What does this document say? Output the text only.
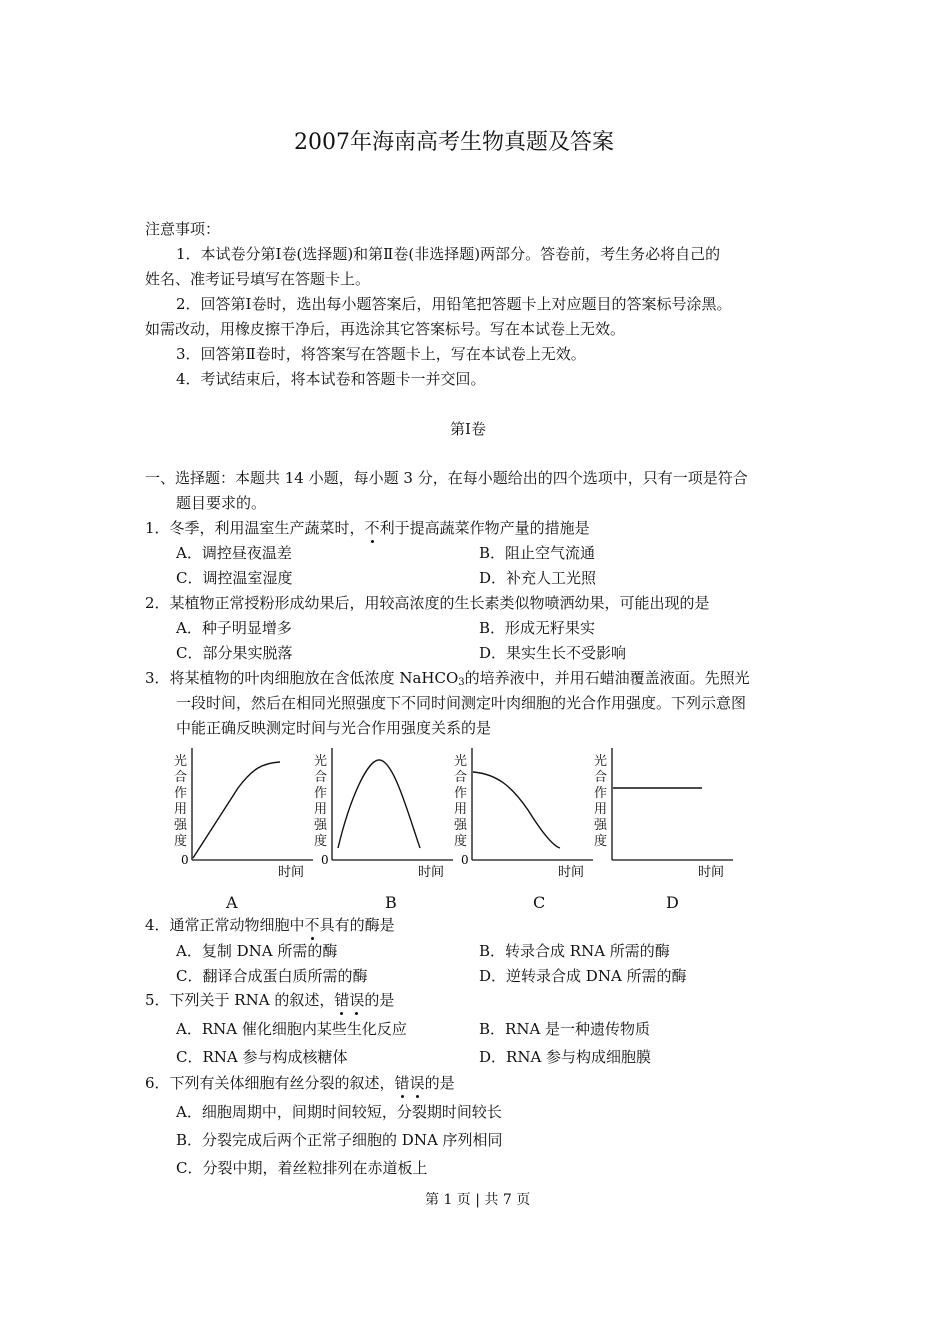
2007年海南高考生物真题及答案
注意事项：
1．本试卷分第Ⅰ卷(选择题)和第Ⅱ卷(非选择题)两部分。答卷前，考生务必将自己的
姓名、准考证号填写在答题卡上。
2．回答第Ⅰ卷时，选出每小题答案后，用铅笔把答题卡上对应题目的答案标号涂黑。
如需改动，用橡皮擦干净后，再选涂其它答案标号。写在本试卷上无效。
3．回答第Ⅱ卷时，将答案写在答题卡上，写在本试卷上无效。
4．考试结束后，将本试卷和答题卡一并交回。
第Ⅰ卷
一、选择题：本题共 14 小题，每小题 3 分，在每小题给出的四个选项中，只有一项是符合
题目要求的。
1．冬季，利用温室生产蔬菜时，不利于提高蔬菜作物产量的措施是
A．调控昼夜温差	B．阻止空气流通
C．调控温室湿度	D．补充人工光照
2．某植物正常授粉形成幼果后，用较高浓度的生长素类似物喷洒幼果，可能出现的是
A．种子明显增多	B．形成无籽果实
C．部分果实脱落	D．果实生长不受影响
3．将某植物的叶肉细胞放在含低浓度 NaHCO$_3$的培养液中，并用石蜡油覆盖液面。先照光
一段时间，然后在相同光照强度下不同时间测定叶肉细胞的光合作用强度。下列示意图
中能正确反映测定时间与光合作用强度关系的是
光
合
作
用
强
度
0
时间
A
光
合
作
用
强
度
0
时间
B
光
合
作
用
强
度
0
时间
C
光
合
作
用
强
度
时间
D
4．通常正常动物细胞中不具有的酶是
A．复制 DNA 所需的酶	B．转录合成 RNA 所需的酶
C．翻译合成蛋白质所需的酶	D．逆转录合成 DNA 所需的酶
5．下列关于 RNA 的叙述，错误的是
A．RNA 催化细胞内某些生化反应	B．RNA 是一种遗传物质
C．RNA 参与构成核糖体	D．RNA 参与构成细胞膜
6．下列有关体细胞有丝分裂的叙述，错误的是
A．细胞周期中，间期时间较短，分裂期时间较长
B．分裂完成后两个正常子细胞的 DNA 序列相同
C．分裂中期，着丝粒排列在赤道板上
第 1 页 | 共 7 页
